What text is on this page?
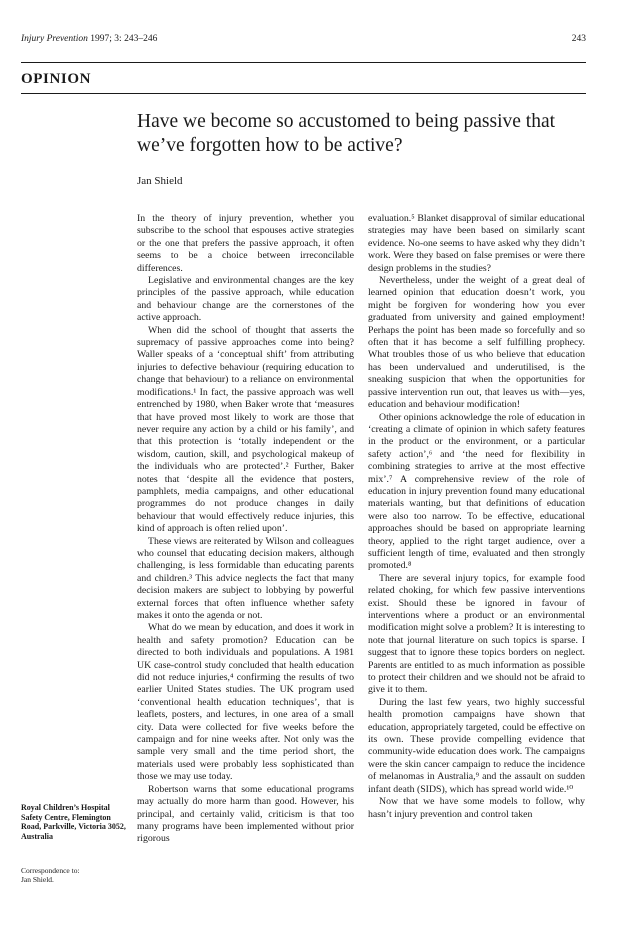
Injury Prevention 1997; 3: 243–246	243
OPINION
Have we become so accustomed to being passive that we’ve forgotten how to be active?
Jan Shield

In the theory of injury prevention, whether you subscribe to the school that espouses active strategies or the one that prefers the passive approach, it often seems to be a choice between irreconcilable differences.

Legislative and environmental changes are the key principles of the passive approach, while education and behaviour change are the cornerstones of the active approach.

When did the school of thought that asserts the supremacy of passive approaches come into being? Waller speaks of a ‘conceptual shift’ from attributing injuries to defective behaviour (requiring education to change that behaviour) to a reliance on environmental modifications.¹ In fact, the passive approach was well entrenched by 1980, when Baker wrote that ‘measures that have proved most likely to work are those that never require any action by a child or his family’, and that this protection is ‘totally independent or the wisdom, caution, skill, and psychological makeup of the individuals who are protected’.² Further, Baker notes that ‘despite all the evidence that posters, pamphlets, media campaigns, and other educational programmes do not produce changes in daily behaviour that would effectively reduce injuries, this kind of approach is often relied upon’.

These views are reiterated by Wilson and colleagues who counsel that educating decision makers, although challenging, is less formidable than educating parents and children.³ This advice neglects the fact that many decision makers are subject to lobbying by powerful external forces that often influence whether safety makes it onto the agenda or not.

What do we mean by education, and does it work in health and safety promotion? Education can be directed to both individuals and populations. A 1981 UK case-control study concluded that health education did not reduce injuries,⁴ confirming the results of two earlier United States studies. The UK program used ‘conventional health education techniques’, that is leaflets, posters, and lectures, in one area of a small city. Data were collected for five weeks before the campaign and for nine weeks after. Not only was the sample very small and the time period short, the materials used were probably less sophisticated than those we may use today.

Robertson warns that some educational programs may actually do more harm than good. However, his principal, and certainly valid, criticism is that too many programs have been implemented without prior rigorous

evaluation.⁵ Blanket disapproval of similar educational strategies may have been based on similarly scant evidence. No-one seems to have asked why they didn’t work. Were they based on false premises or were there design problems in the studies?

Nevertheless, under the weight of a great deal of learned opinion that education doesn’t work, you might be forgiven for wondering how you ever graduated from university and gained employment! Perhaps the point has been made so forcefully and so often that it has become a self fulfilling prophecy. What troubles those of us who believe that education has been undervalued and underutilised, is the sneaking suspicion that when the opportunities for passive intervention run out, that leaves us with—yes, education and behaviour modification!

Other opinions acknowledge the role of education in ‘creating a climate of opinion in which safety features in the product or the environment, or a particular safety action’,⁶ and ‘the need for flexibility in combining strategies to arrive at the most effective mix’.⁷ A comprehensive review of the role of education in injury prevention found many educational materials wanting, but that definitions of education were also too narrow. To be effective, educational approaches should be based on appropriate learning theory, applied to the right target audience, over a sufficient length of time, evaluated and then strongly promoted.⁸

There are several injury topics, for example food related choking, for which few passive interventions exist. Should these be ignored in favour of interventions where a product or an environmental modification might solve a problem? It is interesting to note that journal literature on such topics is sparse. I suggest that to ignore these topics borders on neglect. Parents are entitled to as much information as possible to protect their children and we should not be afraid to give it to them.

During the last few years, two highly successful health promotion campaigns have shown that education, appropriately targeted, could be effective on its own. These provide compelling evidence that community-wide education does work. The campaigns were the skin cancer campaign to reduce the incidence of melanomas in Australia,⁹ and the assault on sudden infant death (SIDS), which has spread world wide.¹⁰

Now that we have some models to follow, why hasn’t injury prevention and control taken

Royal Children’s Hospital Safety Centre, Flemington Road, Parkville, Victoria 3052, Australia
Correspondence to:
Jan Shield.
